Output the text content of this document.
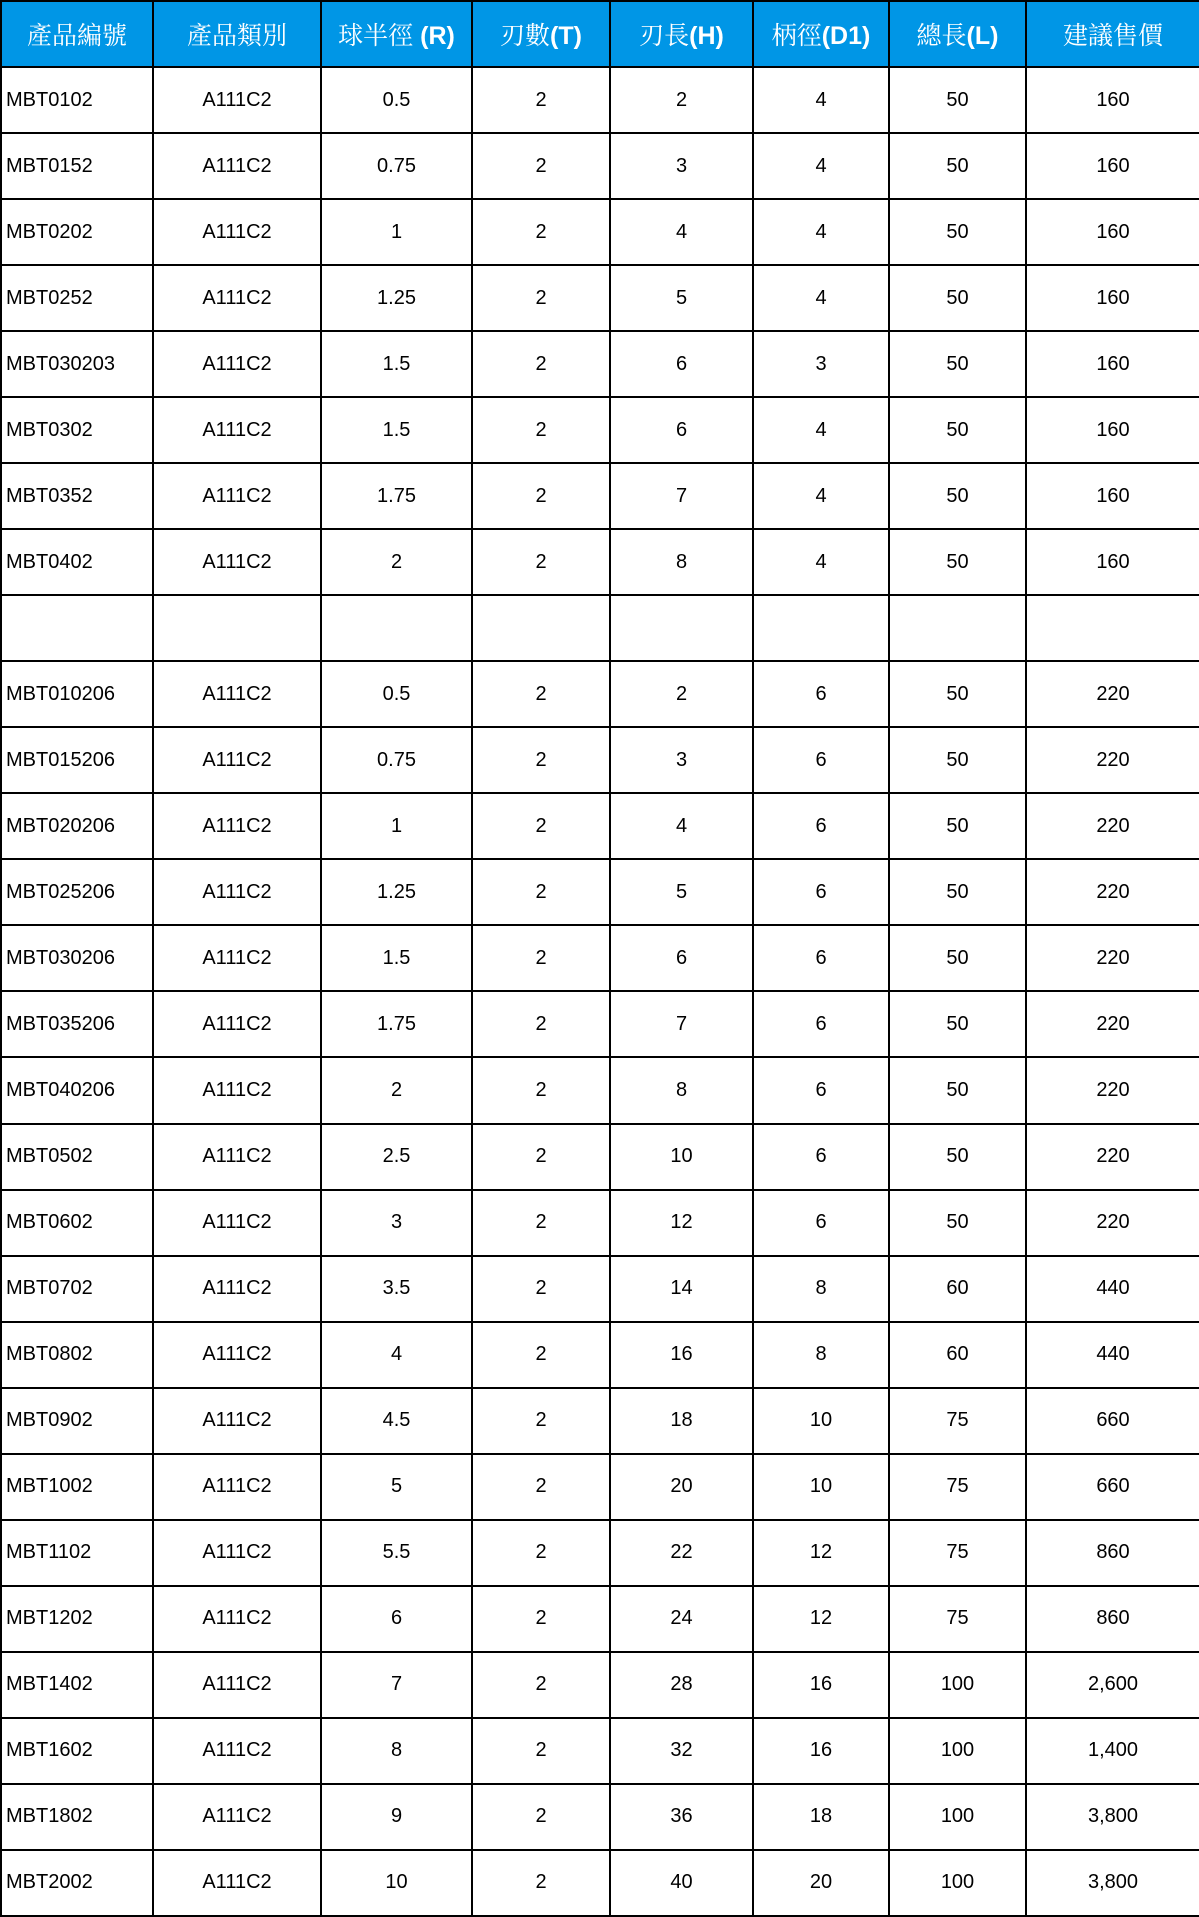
產品編號	產品類別	球半徑 (R)	刃數(T)	刃長(H)	柄徑(D1)	總長(L)	建議售價
MBT0102	A111C2	0.5	2	2	4	50	160
MBT0152	A111C2	0.75	2	3	4	50	160
MBT0202	A111C2	1	2	4	4	50	160
MBT0252	A111C2	1.25	2	5	4	50	160
MBT030203	A111C2	1.5	2	6	3	50	160
MBT0302	A111C2	1.5	2	6	4	50	160
MBT0352	A111C2	1.75	2	7	4	50	160
MBT0402	A111C2	2	2	8	4	50	160

MBT010206	A111C2	0.5	2	2	6	50	220
MBT015206	A111C2	0.75	2	3	6	50	220
MBT020206	A111C2	1	2	4	6	50	220
MBT025206	A111C2	1.25	2	5	6	50	220
MBT030206	A111C2	1.5	2	6	6	50	220
MBT035206	A111C2	1.75	2	7	6	50	220
MBT040206	A111C2	2	2	8	6	50	220
MBT0502	A111C2	2.5	2	10	6	50	220
MBT0602	A111C2	3	2	12	6	50	220
MBT0702	A111C2	3.5	2	14	8	60	440
MBT0802	A111C2	4	2	16	8	60	440
MBT0902	A111C2	4.5	2	18	10	75	660
MBT1002	A111C2	5	2	20	10	75	660
MBT1102	A111C2	5.5	2	22	12	75	860
MBT1202	A111C2	6	2	24	12	75	860
MBT1402	A111C2	7	2	28	16	100	2,600
MBT1602	A111C2	8	2	32	16	100	1,400
MBT1802	A111C2	9	2	36	18	100	3,800
MBT2002	A111C2	10	2	40	20	100	3,800
